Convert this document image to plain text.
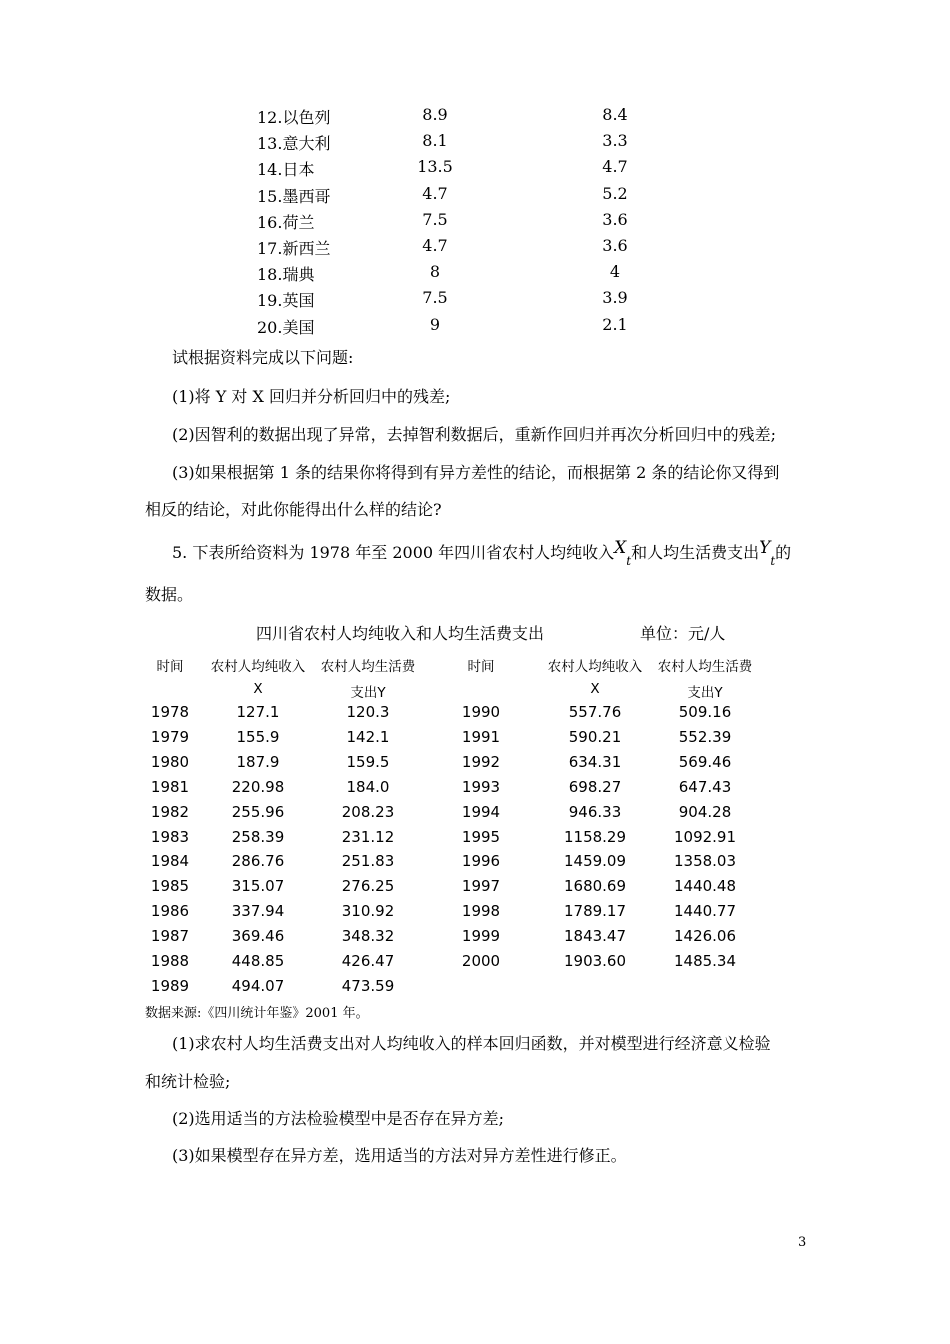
12.以色列	8.9	8.4
13.意大利	8.1	3.3
14.日本	13.5	4.7
15.墨西哥	4.7	5.2
16.荷兰	7.5	3.6
17.新西兰	4.7	3.6
18.瑞典	8	4
19.英国	7.5	3.9
20.美国	9	2.1
试根据资料完成以下问题:
(1)将 Y 对 X 回归并分析回归中的残差;
(2)因智利的数据出现了异常，去掉智利数据后，重新作回归并再次分析回归中的残差;
(3)如果根据第 1 条的结果你将得到有异方差性的结论，而根据第 2 条的结论你又得到
相反的结论，对此你能得出什么样的结论?
5. 下表所给资料为 1978 年至 2000 年四川省农村人均纯收入$X_t$和人均生活费支出$Y_t$的
数据。
四川省农村人均纯收入和人均生活费支出	单位：元/人
时间	农村人均纯收入	农村人均生活费
X	支出Y
时间	农村人均纯收入	农村人均生活费
X	支出Y
1978	127.1	120.3
1979	155.9	142.1
1980	187.9	159.5
1981	220.98	184.0
1982	255.96	208.23
1983	258.39	231.12
1984	286.76	251.83
1985	315.07	276.25
1986	337.94	310.92
1987	369.46	348.32
1988	448.85	426.47
1989	494.07	473.59
1990	557.76	509.16
1991	590.21	552.39
1992	634.31	569.46
1993	698.27	647.43
1994	946.33	904.28
1995	1158.29	1092.91
1996	1459.09	1358.03
1997	1680.69	1440.48
1998	1789.17	1440.77
1999	1843.47	1426.06
2000	1903.60	1485.34
数据来源:《四川统计年鉴》2001 年。
(1)求农村人均生活费支出对人均纯收入的样本回归函数，并对模型进行经济意义检验
和统计检验;
(2)选用适当的方法检验模型中是否存在异方差;
(3)如果模型存在异方差，选用适当的方法对异方差性进行修正。
3
